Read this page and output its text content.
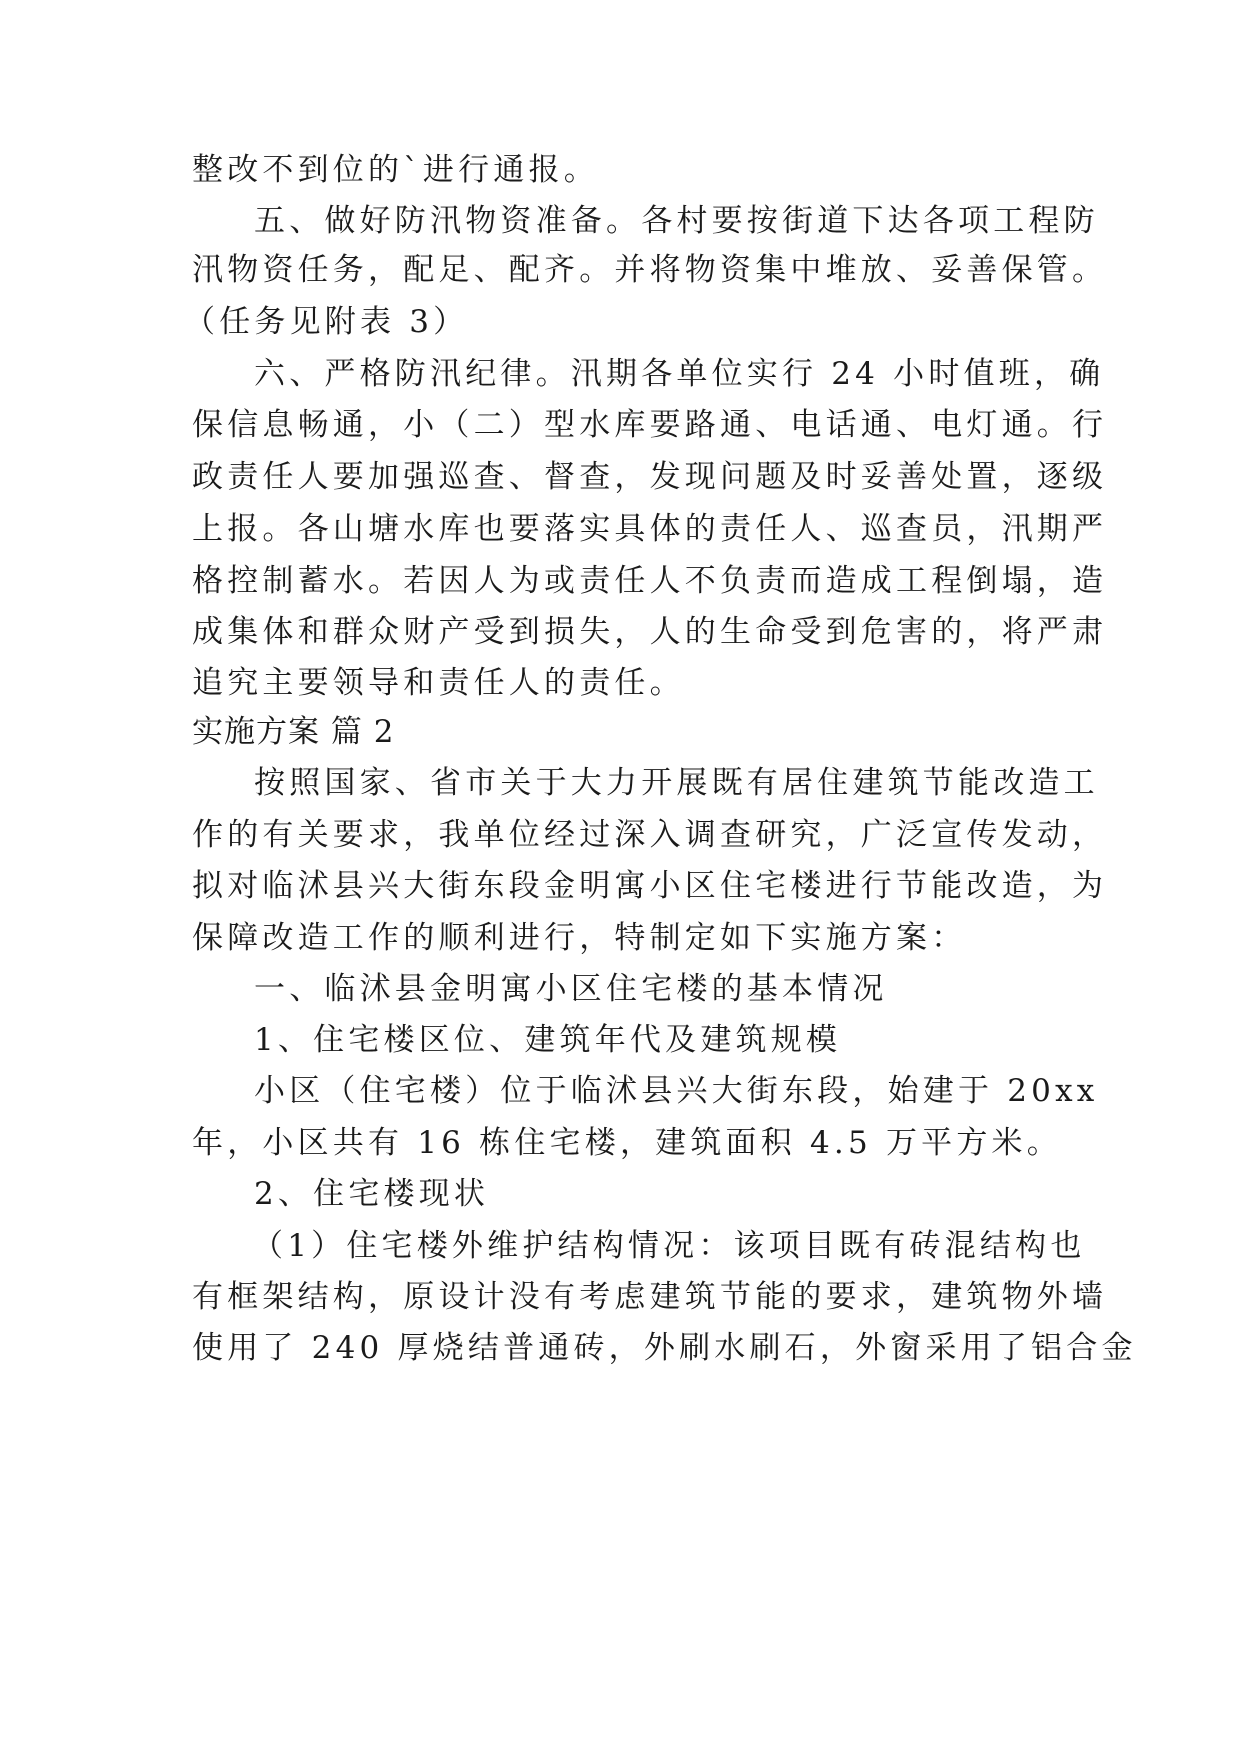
整改不到位的`进行通报。
五、做好防汛物资准备。各村要按街道下达各项工程防
汛物资任务，配足、配齐。并将物资集中堆放、妥善保管。
（任务见附表 3）
六、严格防汛纪律。汛期各单位实行 24 小时值班，确
保信息畅通，小（二）型水库要路通、电话通、电灯通。行
政责任人要加强巡查、督查，发现问题及时妥善处置，逐级
上报。各山塘水库也要落实具体的责任人、巡查员，汛期严
格控制蓄水。若因人为或责任人不负责而造成工程倒塌，造
成集体和群众财产受到损失，人的生命受到危害的，将严肃
追究主要领导和责任人的责任。
实施方案 篇 2
按照国家、省市关于大力开展既有居住建筑节能改造工
作的有关要求，我单位经过深入调查研究，广泛宣传发动，
拟对临沭县兴大街东段金明寓小区住宅楼进行节能改造，为
保障改造工作的顺利进行，特制定如下实施方案：
一、临沭县金明寓小区住宅楼的基本情况
1、住宅楼区位、建筑年代及建筑规模
小区（住宅楼）位于临沭县兴大街东段，始建于 20xx
年，小区共有 16 栋住宅楼，建筑面积 4.5 万平方米。
2、住宅楼现状
（1）住宅楼外维护结构情况：该项目既有砖混结构也
有框架结构，原设计没有考虑建筑节能的要求，建筑物外墙
使用了 240 厚烧结普通砖，外刷水刷石，外窗采用了铝合金
